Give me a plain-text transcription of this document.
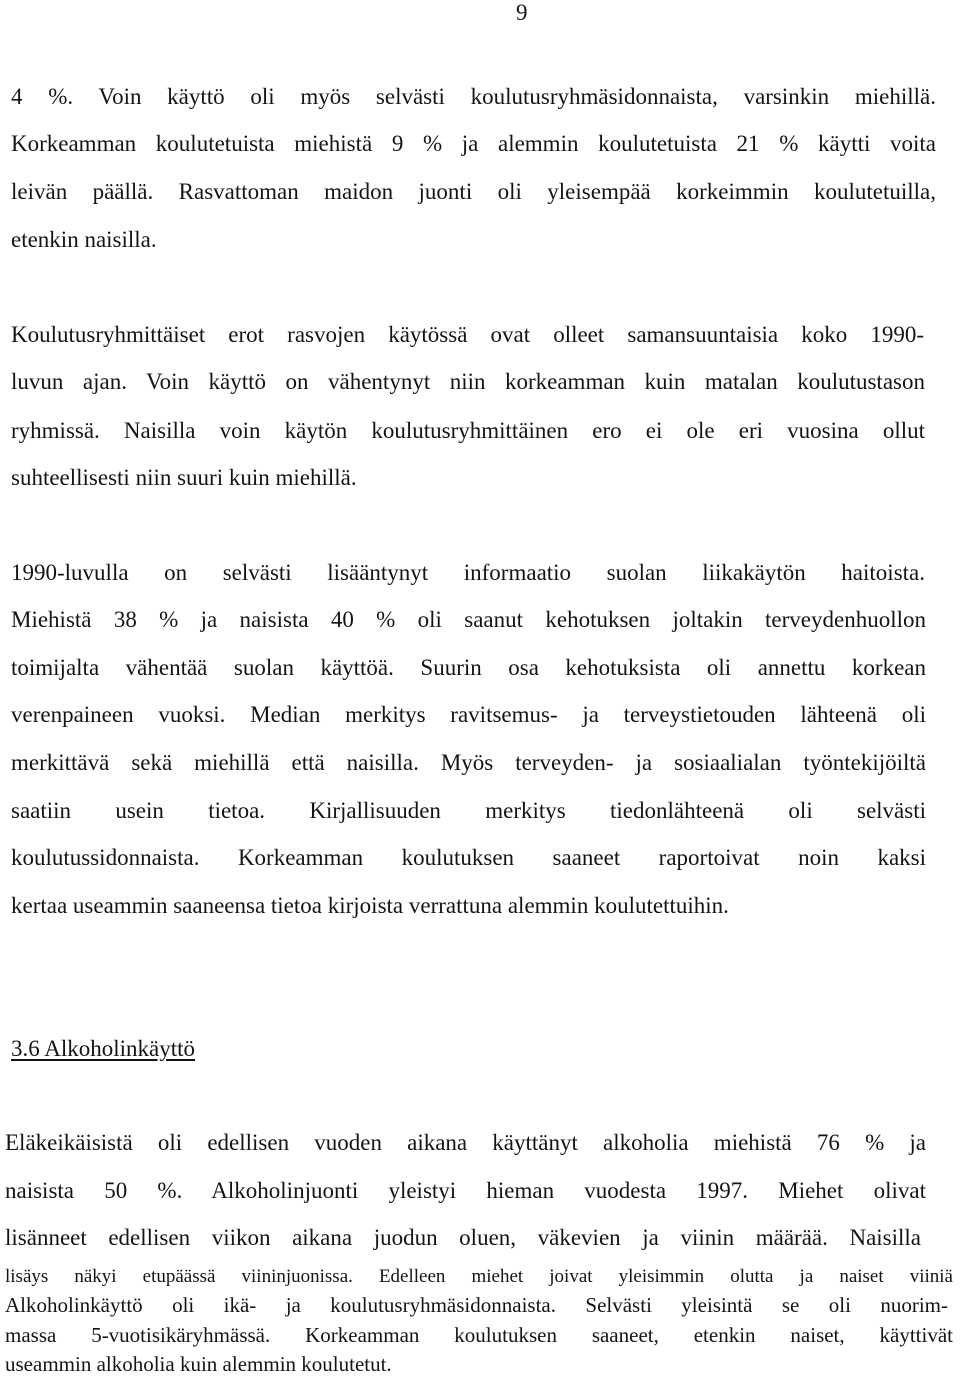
9
4 %. Voin käyttö oli myös selvästi koulutusryhmäsidonnaista, varsinkin miehillä.
Korkeamman koulutetuista miehistä 9 % ja alemmin koulutetuista 21 % käytti voita
leivän päällä. Rasvattoman maidon juonti oli yleisempää korkeimmin koulutetuilla,
etenkin naisilla.
Koulutusryhmittäiset erot rasvojen käytössä ovat olleet samansuuntaisia koko 1990-
luvun ajan. Voin käyttö on vähentynyt niin korkeamman kuin matalan koulutustason
ryhmissä. Naisilla voin käytön koulutusryhmittäinen ero ei ole eri vuosina ollut
suhteellisesti niin suuri kuin miehillä.
1990-luvulla on selvästi lisääntynyt informaatio suolan liikakäytön haitoista.
Miehistä 38 % ja naisista 40 % oli saanut kehotuksen joltakin terveydenhuollon
toimijalta vähentää suolan käyttöä. Suurin osa kehotuksista oli annettu korkean
verenpaineen vuoksi. Median merkitys ravitsemus- ja terveystietouden lähteenä oli
merkittävä sekä miehillä että naisilla. Myös terveyden- ja sosiaalialan työntekijöiltä
saatiin usein tietoa. Kirjallisuuden merkitys tiedonlähteenä oli selvästi
koulutussidonnaista. Korkeamman koulutuksen saaneet raportoivat noin kaksi
kertaa useammin saaneensa tietoa kirjoista verrattuna alemmin koulutettuihin.
3.6 Alkoholinkäyttö
Eläkeikäisistä oli edellisen vuoden aikana käyttänyt alkoholia miehistä 76 % ja
naisista 50 %. Alkoholinjuonti yleistyi hieman vuodesta 1997. Miehet olivat
lisänneet edellisen viikon aikana juodun oluen, väkevien ja viinin määrää. Naisilla
lisäys näkyi etupäässä viininjuonissa. Edelleen miehet joivat yleisimmin olutta ja naiset viiniä
Alkoholinkäyttö oli ikä- ja koulutusryhmäsidonnaista. Selvästi yleisintä se oli nuorim-
massa 5-vuotisikäryhmässä. Korkeamman koulutuksen saaneet, etenkin naiset, käyttivät
useammin alkoholia kuin alemmin koulutetut.
